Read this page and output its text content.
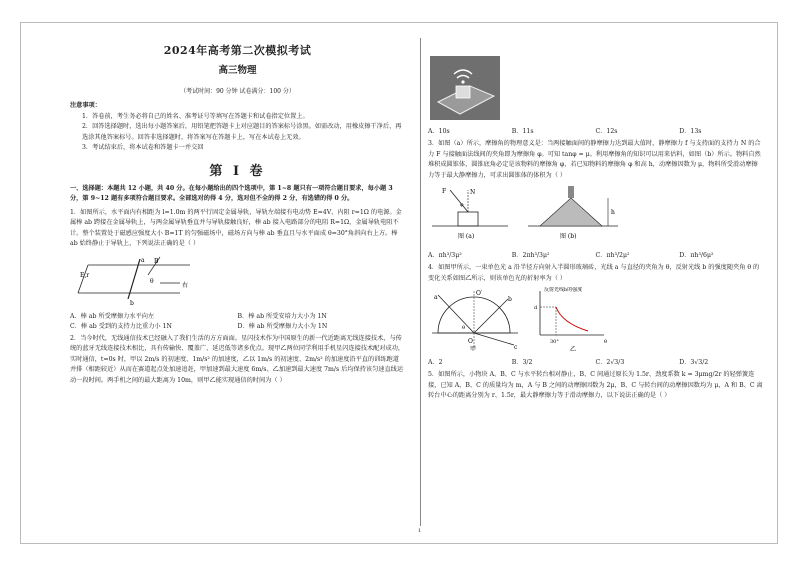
2024年高考第二次模拟考试
高三物理
（考试时间：90 分钟 试卷满分：100 分）

注意事项：

1．答卷前，考生务必将自己的姓名、准考证号等填写在答题卡和试卷指定位置上。

2．回答选择题时，选出每小题答案后，用铅笔把答题卡上对应题目的答案标号涂黑。如需改动，用橡皮擦干净后，再选涂其他答案标号。回答非选择题时，将答案写在答题卡上，写在本试卷上无效。

3．考试结束后，将本试卷和答题卡一并交回

第 Ⅰ 卷

一、选择题：本题共 12 小题，共 40 分。在每小题给出的四个选项中，第 1~8 题只有一项符合题目要求，每小题 3 分，第 9~12 题有多项符合题目要求。全部选对的得 4 分，选对但不全的得 2 分，有选错的得 0 分。

1．如图所示，水平面内有相距为 l=1.0m 的两平行固定金属导轨，导轨左端接有电动势 E=4V、内阻 r=1Ω 的电源。金属棒 ab 跨接在金属导轨上，与两金属导轨垂直并与导轨接触良好，棒 ab 接入电路部分的电阻 R=1Ω，金属导轨电阻不计。整个装置处于磁感应强度大小 B=1T 的匀强磁场中，磁场方向与棒 ab 垂直且与水平面成 θ=30°角斜向右上方。棒 ab 始终静止于导轨上，下列说法正确的是（ ）

E,r
a
b
B
θ
右
A．棒 ab 所受摩擦力水平向左	B．棒 ab 所受安培力大小为 1N
C．棒 ab 受到的支持力比重力小 1N	D．棒 ab 所受摩擦力大小为 1N

2．当今时代，无线通信技术已经融入了我们生活的方方面面。星闪技术作为中国原生的新一代近距离无线连接技术，与传统的蓝牙无线连接技术相比，具有传输快、覆盖广、延迟低等诸多优点。现甲乙两位同学利用手机星闪连接技术配对成功，实时通信，t=0s 时，甲以 2m/s 的初速度、1m/s² 的加速度，乙以 1m/s 的初速度、2m/s² 的加速度沿平直的训练跑道并排（相距较近）从而在赛道起点处加速追赶，甲加速到最大速度 6m/s、乙加速到最大速度 7m/s 后均保持该匀速直线运动一段时间。两手机之间的最大距离为 10m，则甲乙能实现通信的时间为（ ）

A．10s	B．11s	C．12s	D．13s

3．如图（a）所示，摩擦角的物理意义是：当两接触面间的静摩擦力达到最大值时，静摩擦力 f 与支持面的支持力 N 的合力 F 与接触面法线间的夹角即为摩擦角 φ。可知 tanφ = μ。利用摩擦角的知识可以用来估料，如图（b）所示。物料自然堆积成圆锥体，圆锥底角必定是该物料的摩擦角 φ，若已知物料的摩擦角 φ 和高 h，动摩擦因数为 μ，物料所受滑动摩擦力等于最大静摩擦力，可求出圆锥体的体积为（ ）

F	N
φ
图 (a)
h
图 (b)
A．πh³/3μ²	B．2πh³/3μ²	C．πh³/2μ²	D．πh³/6μ²

4．如图甲所示，一束单色光 a 沿半径方向射入半圆形玻璃砖，光线 a 与直径的夹角为 θ，反射光线 b 的强度随夹角 θ 的变化关系如图乙所示，则该单色光的折射率为（ ）

a	b
c
O′
O
θ
甲
反射光线b的强度
d
30°	θ
乙
A．2	B．3/2	C．2√3/3	D．3√3/2

5．如图所示，小物块 A、B、C 与水平转台相对静止，B、C 间通过原长为 1.5r、劲度系数 k = 3μmg/2r 的轻弹簧连接，已知 A、B、C 的质量均为 m，A 与 B 之间的动摩擦因数为 2μ，B、C 与转台间的动摩擦因数均为 μ，A 和 B、C 离转台中心的距离分别为 r、1.5r，最大静摩擦力等于滑动摩擦力，以下说法正确的是（ ）

1
